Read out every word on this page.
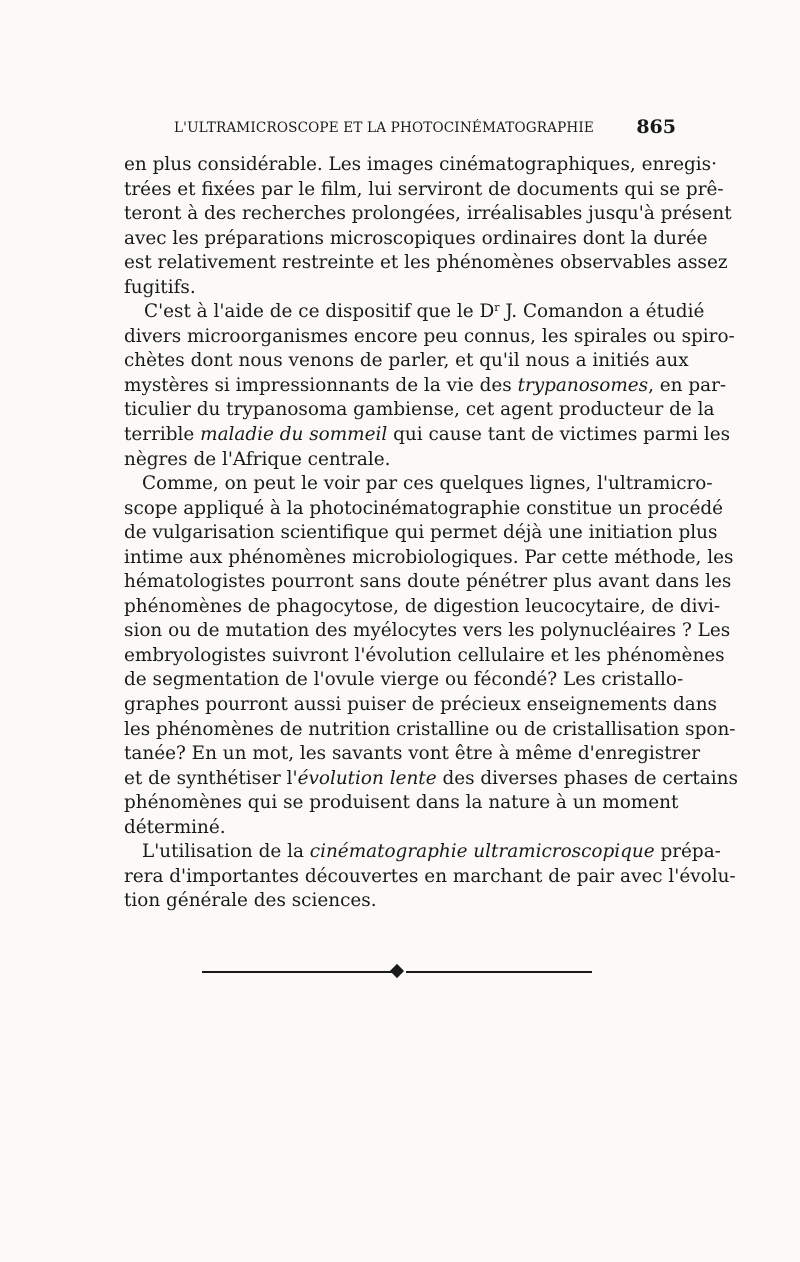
L'ULTRAMICROSCOPE ET LA PHOTOCINÉMATOGRAPHIE 865
en plus considérable. Les images cinématographiques, enregis·
trées et fixées par le film, lui serviront de documents qui se prê-
teront à des recherches prolongées, irréalisables jusqu'à présent
avec les préparations microscopiques ordinaires dont la durée
est relativement restreinte et les phénomènes observables assez
fugitifs.
C'est à l'aide de ce dispositif que le $D^r$ J. Comandon a étudié
divers microorganismes encore peu connus, les spirales ou spiro-
chètes dont nous venons de parler, et qu'il nous a initiés aux
mystères si impressionnants de la vie des trypanosomes, en par-
ticulier du trypanosoma gambiense, cet agent producteur de la
terrible maladie du sommeil qui cause tant de victimes parmi les
nègres de l'Afrique centrale.
Comme, on peut le voir par ces quelques lignes, l'ultramicro-
scope appliqué à la photocinématographie constitue un procédé
de vulgarisation scientifique qui permet déjà une initiation plus
intime aux phénomènes microbiologiques. Par cette méthode, les
hématologistes pourront sans doute pénétrer plus avant dans les
phénomènes de phagocytose, de digestion leucocytaire, de divi-
sion ou de mutation des myélocytes vers les polynucléaires ? Les
embryologistes suivront l'évolution cellulaire et les phénomènes
de segmentation de l'ovule vierge ou fécondé? Les cristallo-
graphes pourront aussi puiser de précieux enseignements dans
les phénomènes de nutrition cristalline ou de cristallisation spon-
tanée? En un mot, les savants vont être à même d'enregistrer
et de synthétiser l'évolution lente des diverses phases de certains
phénomènes qui se produisent dans la nature à un moment
déterminé.
L'utilisation de la cinématographie ultramicroscopique prépa-
rera d'importantes découvertes en marchant de pair avec l'évolu-
tion générale des sciences.
